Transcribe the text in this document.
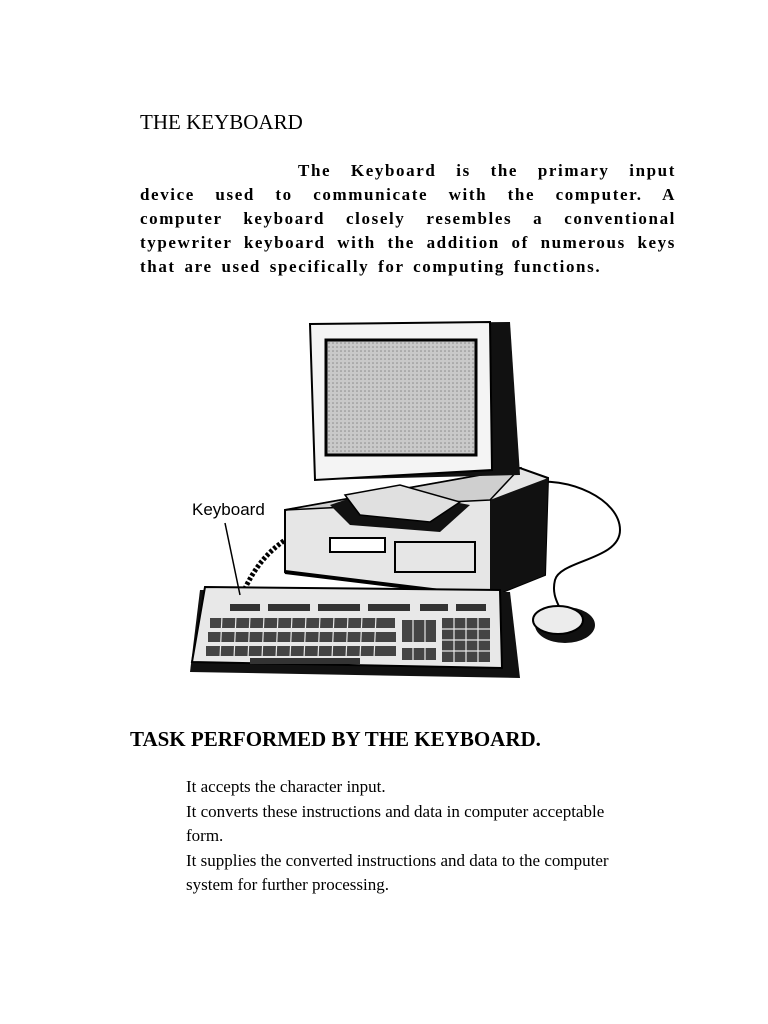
THE KEYBOARD

The Keyboard is the primary input device used to communicate with the computer. A computer keyboard closely resembles a conventional typewriter keyboard with the addition of numerous keys that are used specifically for computing functions.

Keyboard
TASK PERFORMED BY THE KEYBOARD.
It accepts the character input.
It converts these instructions and data in computer acceptable form.
It supplies the converted instructions and data to the computer system for further processing.
